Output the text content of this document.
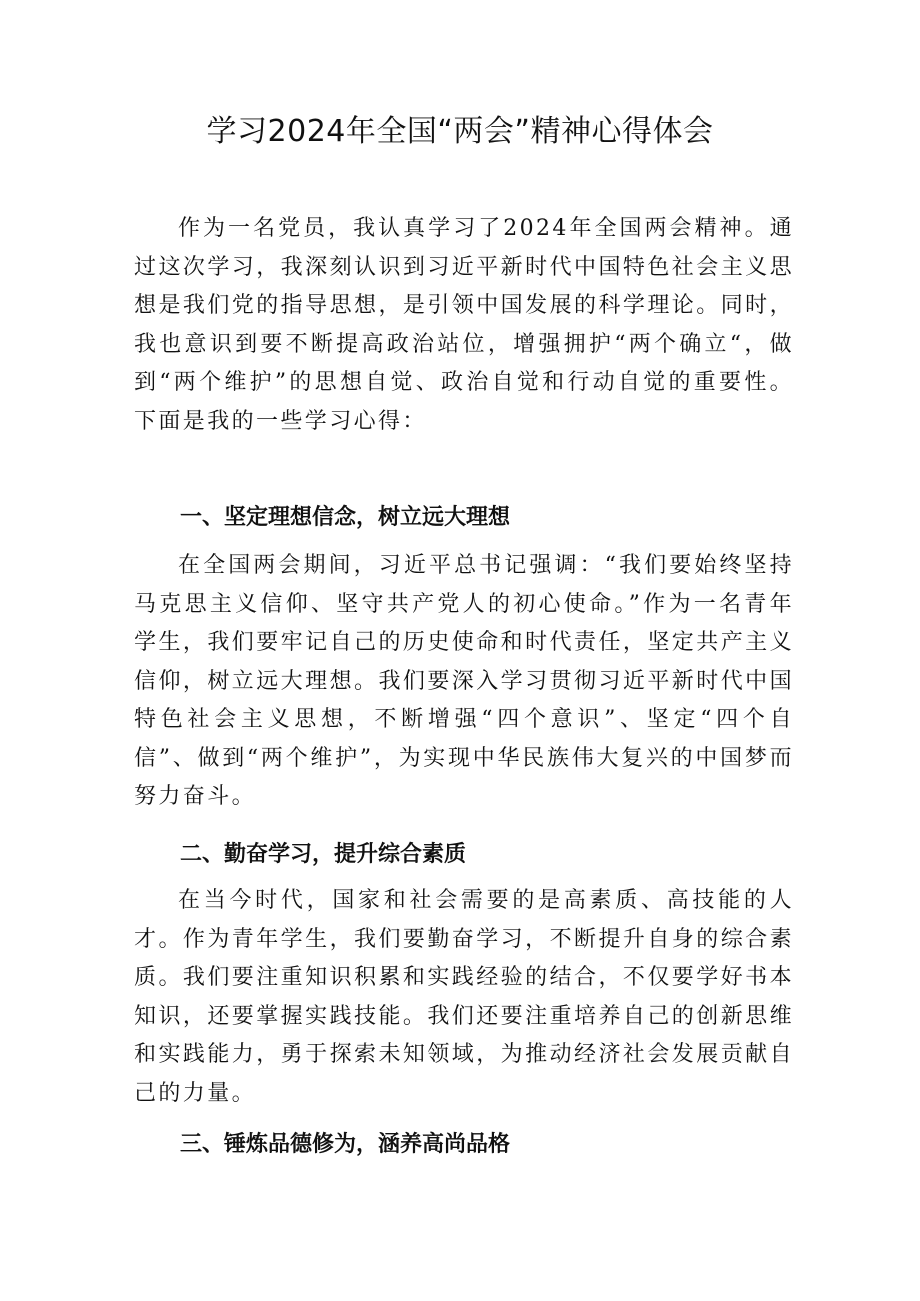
学习2024年全国“两会”精神心得体会

作为一名党员，我认真学习了2024年全国两会精神。通过这次学习，我深刻认识到习近平新时代中国特色社会主义思想是我们党的指导思想，是引领中国发展的科学理论。同时，我也意识到要不断提高政治站位，增强拥护“两个确立“，做到“两个维护”的思想自觉、政治自觉和行动自觉的重要性。下面是我的一些学习心得：

一、坚定理想信念，树立远大理想

在全国两会期间，习近平总书记强调：“我们要始终坚持马克思主义信仰、坚守共产党人的初心使命。”作为一名青年学生，我们要牢记自己的历史使命和时代责任，坚定共产主义信仰，树立远大理想。我们要深入学习贯彻习近平新时代中国特色社会主义思想，不断增强“四个意识”、坚定“四个自信”、做到“两个维护”，为实现中华民族伟大复兴的中国梦而努力奋斗。

二、勤奋学习，提升综合素质

在当今时代，国家和社会需要的是高素质、高技能的人才。作为青年学生，我们要勤奋学习，不断提升自身的综合素质。我们要注重知识积累和实践经验的结合，不仅要学好书本知识，还要掌握实践技能。我们还要注重培养自己的创新思维和实践能力，勇于探索未知领域，为推动经济社会发展贡献自己的力量。

三、锤炼品德修为，涵养高尚品格
